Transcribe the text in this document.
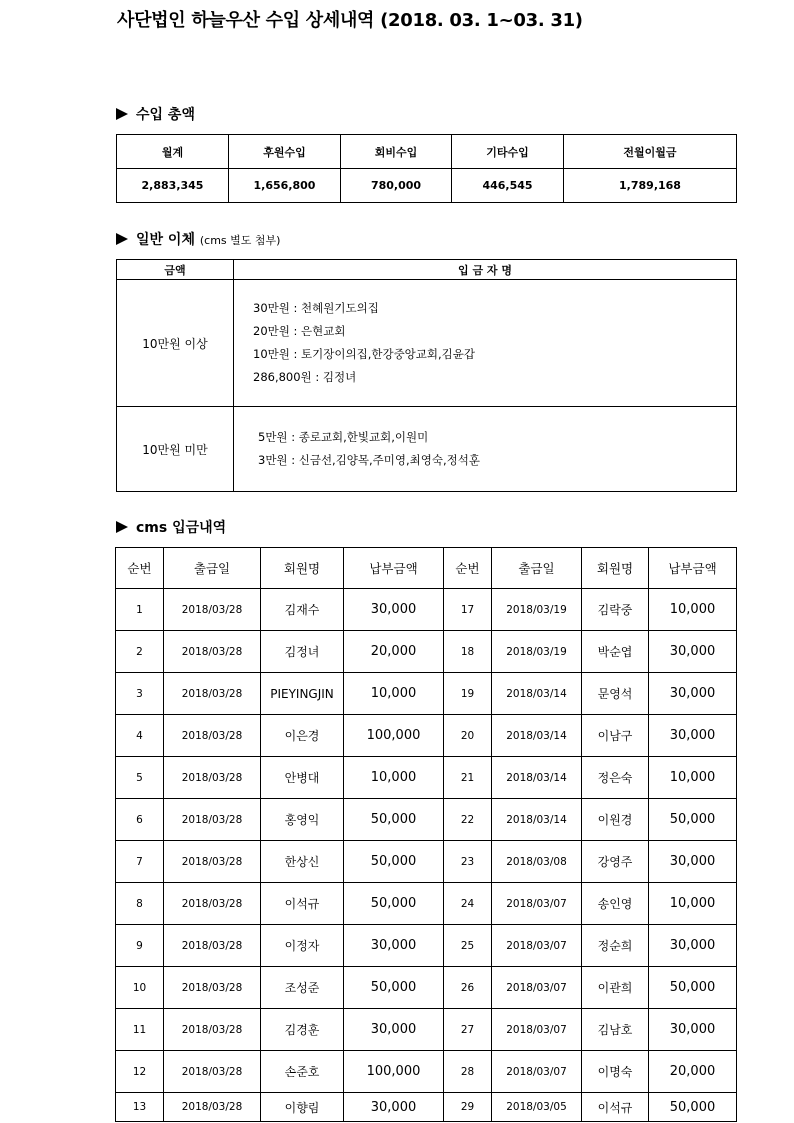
사단법인 하늘우산 수입 상세내역 (2018. 03. 1~03. 31)
수입 총액
월계	후원수입	회비수입	기타수입	전월이월금
2,883,345	1,656,800	780,000	446,545	1,789,168
일반 이체 (cms 별도 첨부)
금액	입 금 자 명
10만원 이상	30만원 : 천혜원기도의집
20만원 : 은현교회
10만원 : 토기장이의집,한강중앙교회,김윤갑
286,800원 : 김정녀

10만원 미만	5만원 : 종로교회,한빛교회,이원미
3만원 : 신금선,김양목,주미영,최영숙,정석훈
cms 입금내역
순번	출금일	회원명	납부금액	순번	출금일	회원명	납부금액
1	2018/03/28	김재수	30,000	17	2018/03/19	김락중	10,000
2	2018/03/28	김정녀	20,000	18	2018/03/19	박순엽	30,000
3	2018/03/28	PIEYINGJIN	10,000	19	2018/03/14	문영석	30,000
4	2018/03/28	이은경	100,000	20	2018/03/14	이남구	30,000
5	2018/03/28	안병대	10,000	21	2018/03/14	정은숙	10,000
6	2018/03/28	홍영익	50,000	22	2018/03/14	이원경	50,000
7	2018/03/28	한상신	50,000	23	2018/03/08	강영주	30,000
8	2018/03/28	이석규	50,000	24	2018/03/07	송인영	10,000
9	2018/03/28	이정자	30,000	25	2018/03/07	정순희	30,000
10	2018/03/28	조성준	50,000	26	2018/03/07	이관희	50,000
11	2018/03/28	김경훈	30,000	27	2018/03/07	김남호	30,000
12	2018/03/28	손준호	100,000	28	2018/03/07	이명숙	20,000
13	2018/03/28	이향림	30,000	29	2018/03/05	이석규	50,000
